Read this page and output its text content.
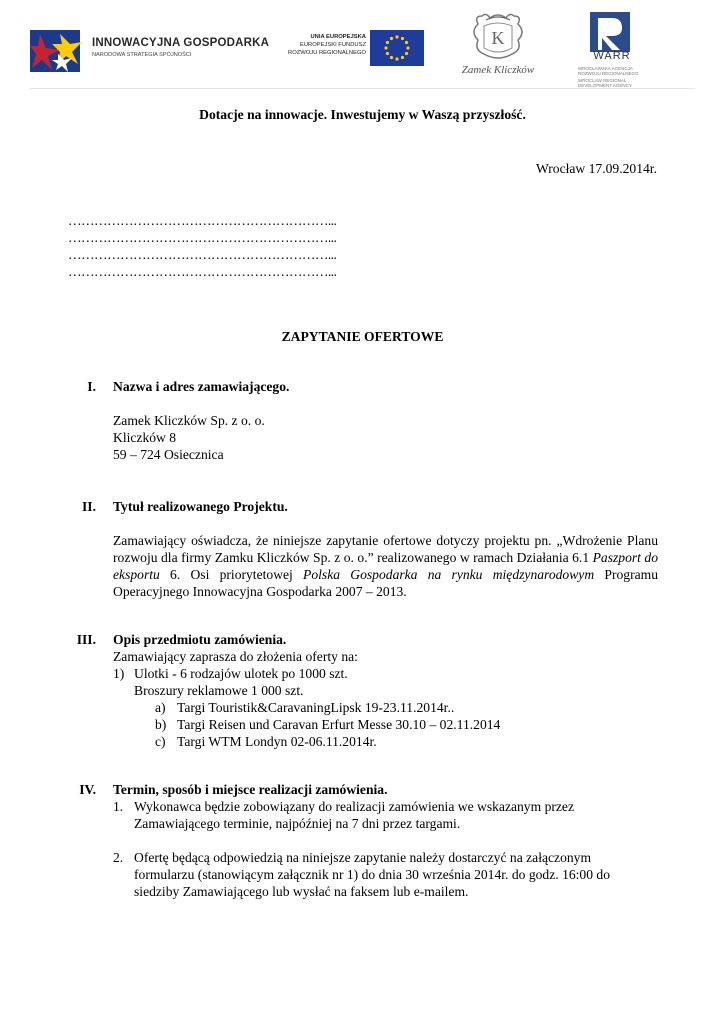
INNOWACYJNA GOSPODARKA
NARODOWA STRATEGIA SPÓJNOŚCI
UNIA EUROPEJSKA
EUROPEJSKI FUNDUSZ
ROZWOJU REGIONALNEGO
K
Zamek Kliczków
WARR
WROCŁAWSKA AGENCJA
ROZWOJU REGIONALNEGO
WROCLAW REGIONAL
DEVELOPMENT AGENCY
Dotacje na innowacje. Inwestujemy w Waszą przyszłość.
Wrocław 17.09.2014r.
……………………………………………………...
……………………………………………………...
……………………………………………………...
……………………………………………………...
ZAPYTANIE OFERTOWE
I. Nazwa i adres zamawiającego.
Zamek Kliczków Sp. z o. o.
Kliczków 8
59 – 724 Osiecznica
II. Tytuł realizowanego Projektu.
Zamawiający oświadcza, że niniejsze zapytanie ofertowe dotyczy projektu pn. „Wdrożenie Planu rozwoju dla firmy Zamku Kliczków Sp. z o. o.” realizowanego w ramach Działania 6.1 Paszport do eksportu 6. Osi priorytetowej Polska Gospodarka na rynku międzynarodowym Programu Operacyjnego Innowacyjna Gospodarka 2007 – 2013.
III. Opis przedmiotu zamówienia.
Zamawiający zaprasza do złożenia oferty na:
1) Ulotki - 6 rodzajów ulotek po 1000 szt.
Broszury reklamowe 1 000 szt.
a) Targi Touristik&CaravaningLipsk 19-23.11.2014r..
b) Targi Reisen und Caravan Erfurt Messe 30.10 – 02.11.2014
c) Targi WTM Londyn 02-06.11.2014r.
IV. Termin, sposób i miejsce realizacji zamówienia.
1. Wykonawca będzie zobowiązany do realizacji zamówienia we wskazanym przez
Zamawiającego terminie, najpóźniej na 7 dni przez targami.
2. Ofertę będącą odpowiedzią na niniejsze zapytanie należy dostarczyć na załączonym
formularzu (stanowiącym załącznik nr 1) do dnia 30 września 2014r. do godz. 16:00 do
siedziby Zamawiającego lub wysłać na faksem lub e-mailem.
